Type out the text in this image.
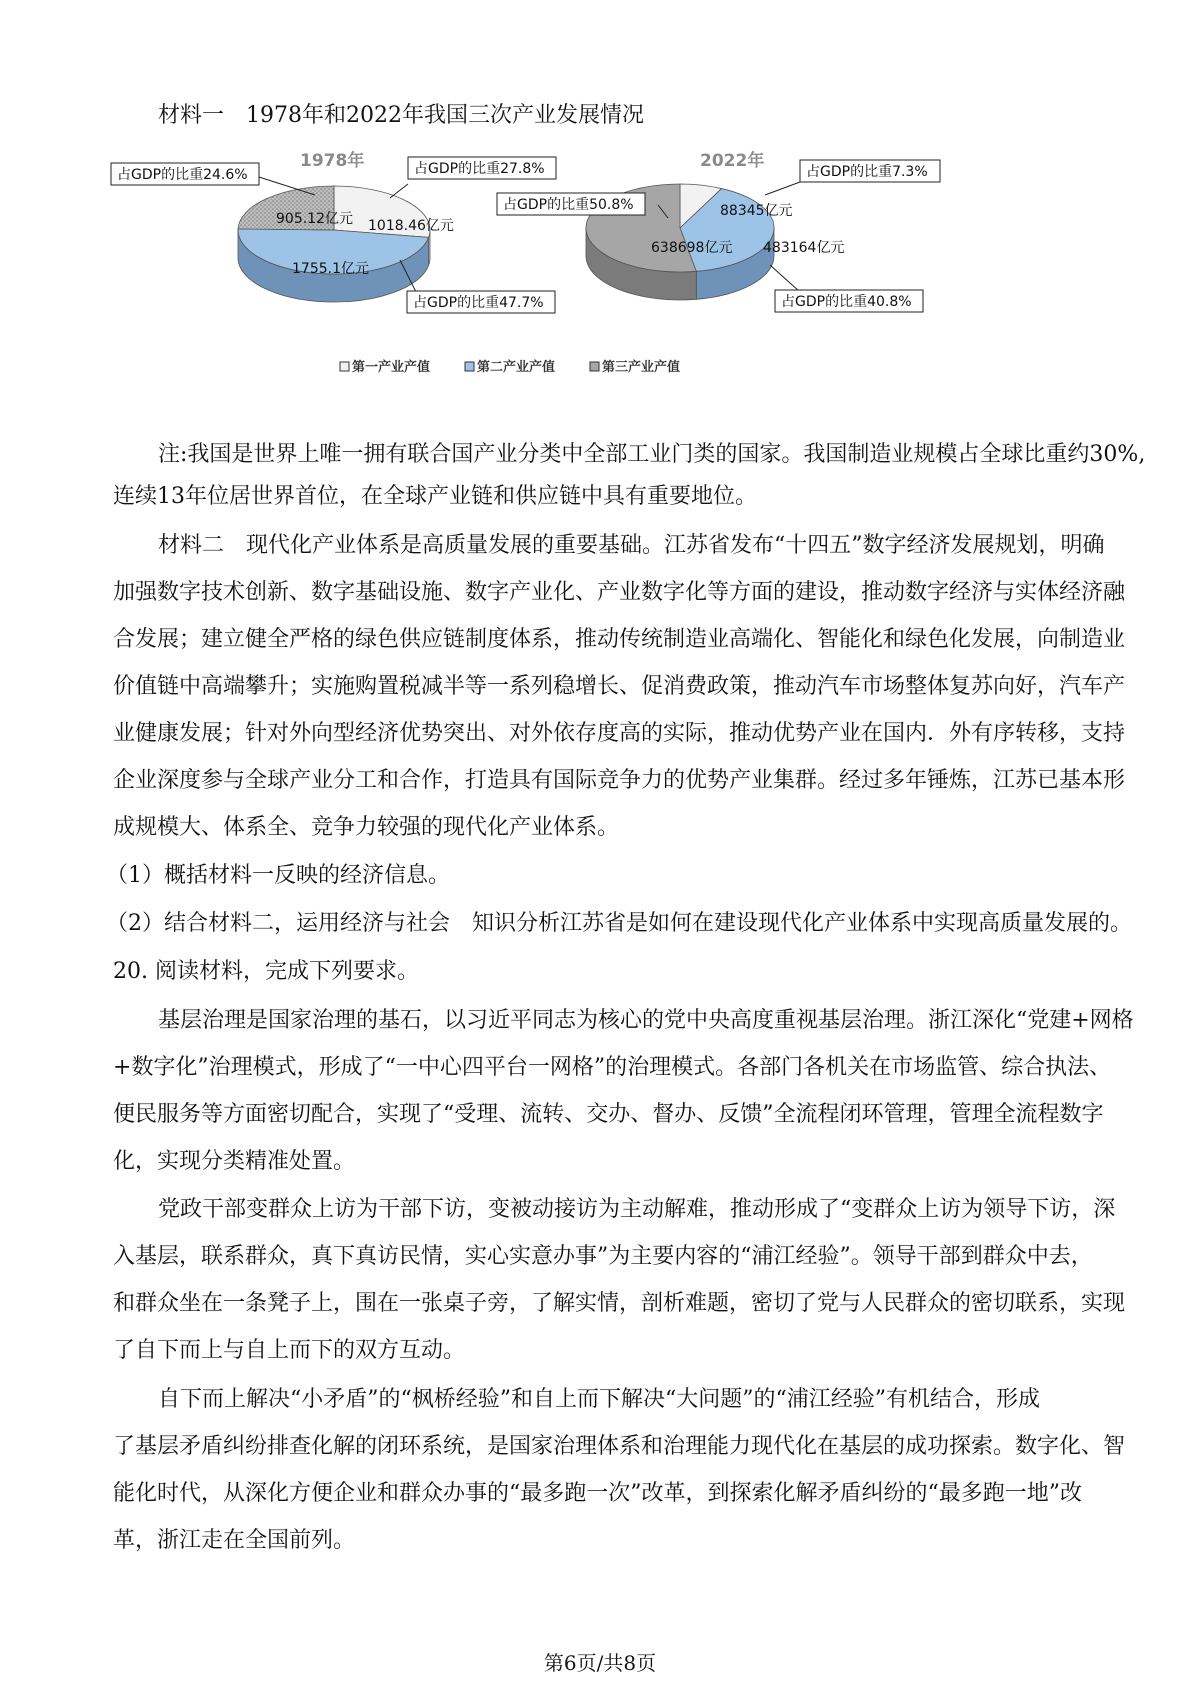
材料一 1978年和2022年我国三次产业发展情况
1978年
1755.1亿元
905.12亿元 1018.46亿元
占GDP的比重24.6%	占GDP的比重27.8%
占GDP的比重47.7%
2022年
88345亿元
483164亿元
638698亿元
占GDP的比重7.3%
占GDP的比重50.8%
占GDP的比重40.8%
第一产业产值	第二产业产值	第三产业产值
注:我国是世界上唯一拥有联合国产业分类中全部工业门类的国家。我国制造业规模占全球比重约30%,
连续13年位居世界首位，在全球产业链和供应链中具有重要地位。
材料二　现代化产业体系是高质量发展的重要基础。江苏省发布“十四五”数字经济发展规划，明确
加强数字技术创新、数字基础设施、数字产业化、产业数字化等方面的建设，推动数字经济与实体经济融
合发展；建立健全严格的绿色供应链制度体系，推动传统制造业高端化、智能化和绿色化发展，向制造业
价值链中高端攀升；实施购置税减半等一系列稳增长、促消费政策，推动汽车市场整体复苏向好，汽车产
业健康发展；针对外向型经济优势突出、对外依存度高的实际，推动优势产业在国内．外有序转移，支持
企业深度参与全球产业分工和合作，打造具有国际竞争力的优势产业集群。经过多年锤炼，江苏已基本形
成规模大、体系全、竞争力较强的现代化产业体系。
（1）概括材料一反映的经济信息。
（2）结合材料二，运用经济与社会　知识分析江苏省是如何在建设现代化产业体系中实现高质量发展的。
20. 阅读材料，完成下列要求。
基层治理是国家治理的基石，以习近平同志为核心的党中央高度重视基层治理。浙江深化“党建+网格
+数字化”治理模式，形成了“一中心四平台一网格”的治理模式。各部门各机关在市场监管、综合执法、
便民服务等方面密切配合，实现了“受理、流转、交办、督办、反馈”全流程闭环管理，管理全流程数字
化，实现分类精准处置。
党政干部变群众上访为干部下访，变被动接访为主动解难，推动形成了“变群众上访为领导下访，深
入基层，联系群众，真下真访民情，实心实意办事”为主要内容的“浦江经验”。领导干部到群众中去，
和群众坐在一条凳子上，围在一张桌子旁，了解实情，剖析难题，密切了党与人民群众的密切联系，实现
了自下而上与自上而下的双方互动。
自下而上解决“小矛盾”的“枫桥经验”和自上而下解决“大问题”的“浦江经验”有机结合，形成
了基层矛盾纠纷排查化解的闭环系统，是国家治理体系和治理能力现代化在基层的成功探索。数字化、智
能化时代，从深化方便企业和群众办事的“最多跑一次”改革，到探索化解矛盾纠纷的“最多跑一地”改
革，浙江走在全国前列。
第6页/共8页
